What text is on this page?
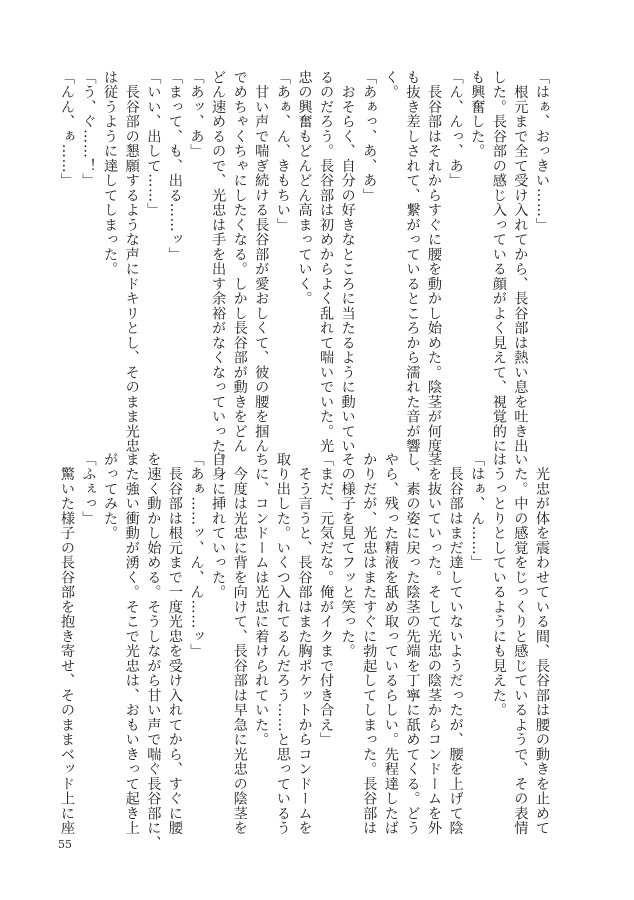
「はぁ、おっきい……」

　根元まで全て受け入れてから、長谷部は熱い息を吐き出

した。長谷部の感じ入っている顔がよく見えて、視覚的に

も興奮した。

「ん、んっ、あ」

　長谷部はそれからすぐに腰を動かし始めた。陰茎が何度

も抜き差しされて、繋がっているところから濡れた音が響

く。

「あぁっ、あ、あ」

　おそらく、自分の好きなところに当たるように動いてい

るのだろう。長谷部は初めからよく乱れて喘いでいた。光

忠の興奮もどんどん高まっていく。

「あぁ、ん、きもちい」

　甘い声で喘ぎ続ける長谷部が愛おしくて、彼の腰を掴ん

でめちゃくちゃにしたくなる。しかし長谷部が動きをどん

どん速めるので、光忠は手を出す余裕がなくなっていった。

「あッ、あ」

「まって、も、出る……ッ」

「いい、出して……」

　長谷部の懇願するような声にドキリとし、そのまま光忠

は従うように達してしまった。

「う、ぐ……！」

「んん、ぁ……」

　光忠が体を震わせている間、長谷部は腰の動きを止めて

いた。中の感覚をじっくりと感じているようで、その表情

はうっとりとしているようにも見えた。

「はぁ、ん……」

　長谷部はまだ達していないようだったが、腰を上げて陰

茎を抜いていった。そして光忠の陰茎からコンドームを外

し、素の姿に戻った陰茎の先端を丁寧に舐めてくる。どう

やら、残った精液を舐め取っているらしい。先程達したば

かりだが、光忠はまたすぐに勃起してしまった。長谷部は

その様子を見てフッと笑った。

「まだ、元気だな。俺がイクまで付き合え」

　そう言うと、長谷部はまた胸ポケットからコンドームを

取り出した。いくつ入れてるんだろう……と思っているう

ちに、コンドームは光忠に着けられていた。

　今度は光忠に背を向けて、長谷部は早急に光忠の陰茎を

自身に挿れていった。

「あぁ……ッ、ん、ん……ッ」

　長谷部は根元まで一度光忠を受け入れてから、すぐに腰

を速く動かし始める。そうしながら甘い声で喘ぐ長谷部に、

また強い衝動が湧く。そこで光忠は、おもいきって起き上

がってみた。

「ふぇっ」

　驚いた様子の長谷部を抱き寄せ、そのままベッド上に座

55
